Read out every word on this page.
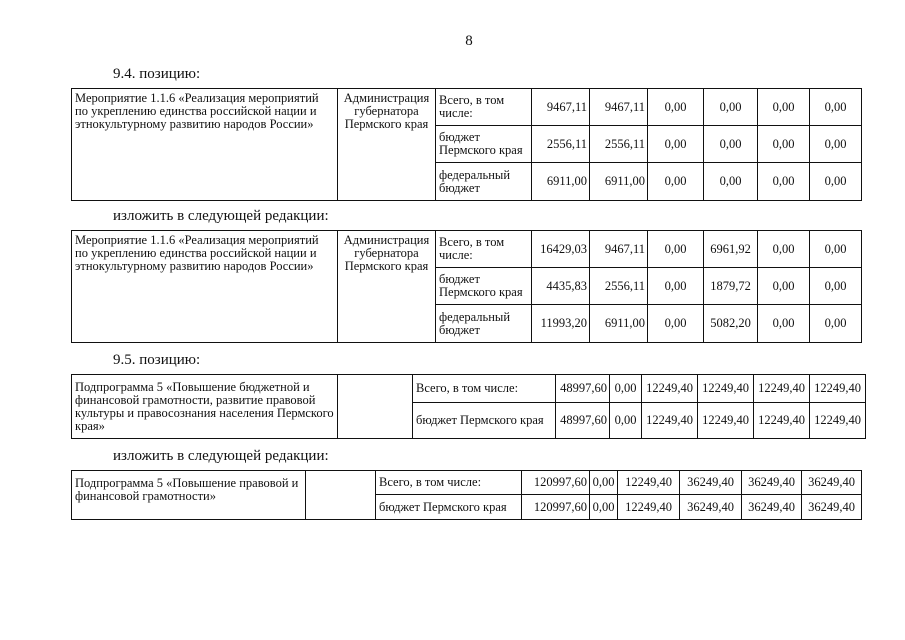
8
9.4. позицию:
Мероприятие 1.1.6 «Реализация мероприятий по укреплению единства российской нации и этнокультурному развитию народов России»	Администрация губернатора Пермского края	Всего, в том числе:	9467,11	9467,11	0,00	0,00	0,00	0,00
		бюджет Пермского края	2556,11	2556,11	0,00	0,00	0,00	0,00
		федеральный бюджет	6911,00	6911,00	0,00	0,00	0,00	0,00
изложить в следующей редакции:
Мероприятие 1.1.6 «Реализация мероприятий по укреплению единства российской нации и этнокультурному развитию народов России»	Администрация губернатора Пермского края	Всего, в том числе:	16429,03	9467,11	0,00	6961,92	0,00	0,00
		бюджет Пермского края	4435,83	2556,11	0,00	1879,72	0,00	0,00
		федеральный бюджет	11993,20	6911,00	0,00	5082,20	0,00	0,00
9.5. позицию:
Подпрограмма 5 «Повышение бюджетной и финансовой грамотности, развитие правовой культуры и правосознания населения Пермского края»		Всего, в том числе:	48997,60	0,00	12249,40	12249,40	12249,40	12249,40
		бюджет Пермского края	48997,60	0,00	12249,40	12249,40	12249,40	12249,40
изложить в следующей редакции:
Подпрограмма 5 «Повышение правовой и финансовой грамотности»		Всего, в том числе:	120997,60	0,00	12249,40	36249,40	36249,40	36249,40
		бюджет Пермского края	120997,60	0,00	12249,40	36249,40	36249,40	36249,40
